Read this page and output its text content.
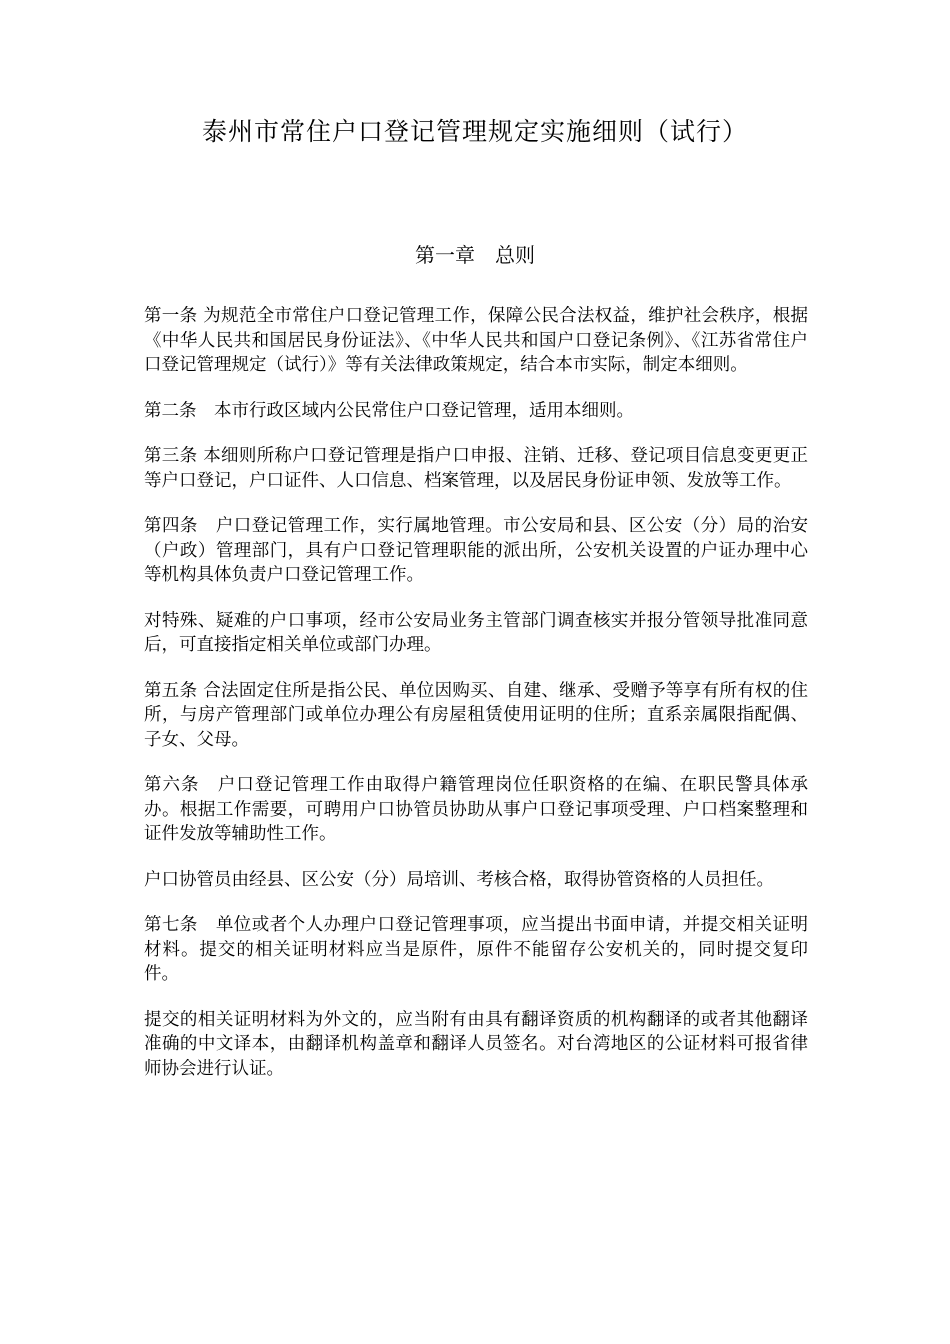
泰州市常住户口登记管理规定实施细则（试行）
第一章　总则

第一条 为规范全市常住户口登记管理工作，保障公民合法权益，维护社会秩序，根据《中华人民共和国居民身份证法》、《中华人民共和国户口登记条例》、《江苏省常住户口登记管理规定（试行）》等有关法律政策规定，结合本市实际，制定本细则。

第二条　本市行政区域内公民常住户口登记管理，适用本细则。

第三条 本细则所称户口登记管理是指户口申报、注销、迁移、登记项目信息变更更正等户口登记，户口证件、人口信息、档案管理，以及居民身份证申领、发放等工作。

第四条　户口登记管理工作，实行属地管理。市公安局和县、区公安（分）局的治安（户政）管理部门，具有户口登记管理职能的派出所，公安机关设置的户证办理中心等机构具体负责户口登记管理工作。

对特殊、疑难的户口事项，经市公安局业务主管部门调查核实并报分管领导批准同意后，可直接指定相关单位或部门办理。

第五条 合法固定住所是指公民、单位因购买、自建、继承、受赠予等享有所有权的住所，与房产管理部门或单位办理公有房屋租赁使用证明的住所；直系亲属限指配偶、子女、父母。

第六条　户口登记管理工作由取得户籍管理岗位任职资格的在编、在职民警具体承办。根据工作需要，可聘用户口协管员协助从事户口登记事项受理、户口档案整理和证件发放等辅助性工作。

户口协管员由经县、区公安（分）局培训、考核合格，取得协管资格的人员担任。

第七条　单位或者个人办理户口登记管理事项，应当提出书面申请，并提交相关证明材料。提交的相关证明材料应当是原件，原件不能留存公安机关的，同时提交复印件。

提交的相关证明材料为外文的，应当附有由具有翻译资质的机构翻译的或者其他翻译准确的中文译本，由翻译机构盖章和翻译人员签名。对台湾地区的公证材料可报省律师协会进行认证。
